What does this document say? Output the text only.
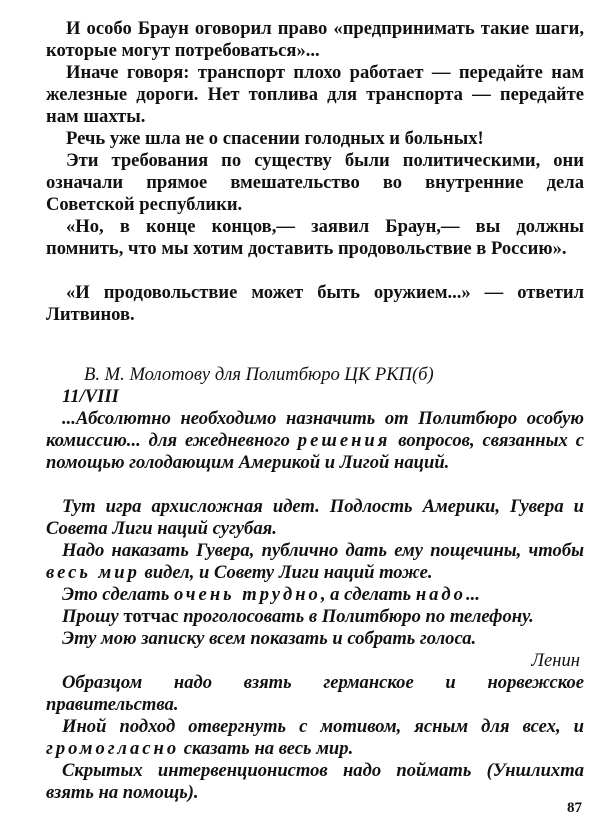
И особо Браун оговорил право «предпринимать такие шаги, которые могут потребоваться»...

Иначе говоря: транспорт плохо работает — передайте нам железные дороги. Нет топлива для транспорта — передайте нам шахты.

Речь уже шла не о спасении голодных и больных!

Эти требования по существу были политическими, они означали прямое вмешательство во внутренние дела Советской республики.

«Но, в конце концов,— заявил Браун,— вы должны помнить, что мы хотим доставить продовольствие в Россию».

«И продовольствие может быть оружием...» — ответил Литвинов.

В. М. Молотову для Политбюро ЦК РКП(б)
11/VIII

...Абсолютно необходимо назначить от Политбюро особую комиссию... для ежедневного решения вопросов, связанных с помощью голодающим Америкой и Лигой наций.

Тут игра архисложная идет. Подлость Америки, Гувера и Совета Лиги наций сугубая.

Надо наказать Гувера, публично дать ему пощечины, чтобы весь мир видел, и Совету Лиги наций тоже.

Это сделать очень трудно, а сделать надо...

Прошу тотчас проголосовать в Политбюро по телефону.

Эту мою записку всем показать и собрать голоса.

Ленин

Образцом надо взять германское и норвежское правительства.

Иной подход отвергнуть с мотивом, ясным для всех, и громогласно сказать на весь мир.

Скрытых интервенционистов надо поймать (Уншлихта взять на помощь).

87
